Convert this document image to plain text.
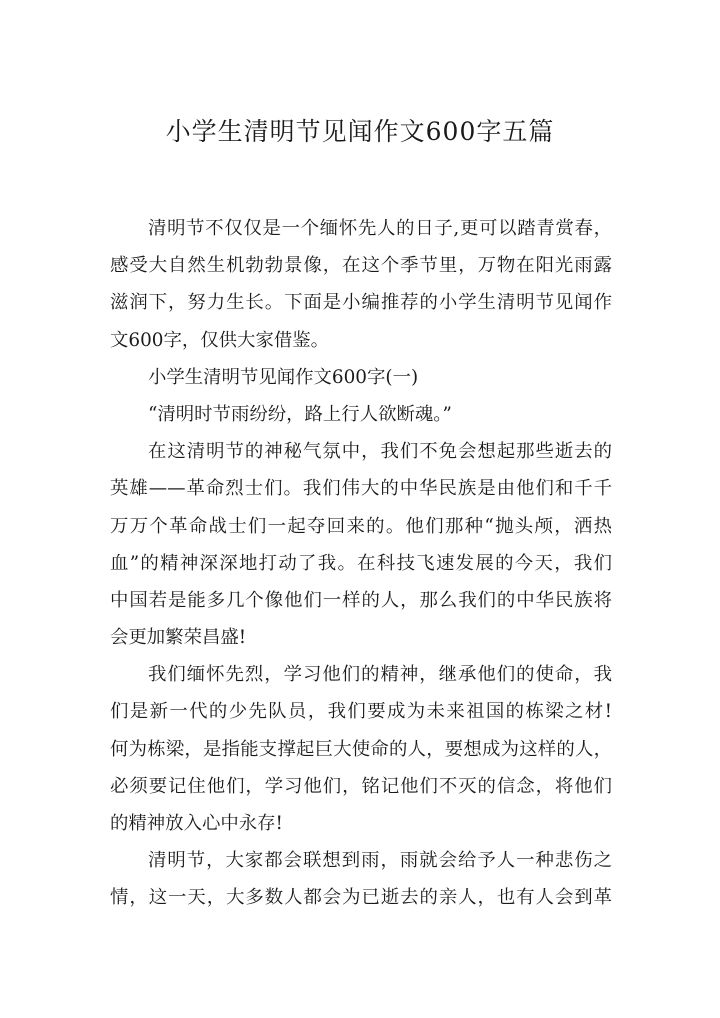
小学生清明节见闻作文600字五篇
清明节不仅仅是一个缅怀先人的日子,更可以踏青赏春，
感受大自然生机勃勃景像，在这个季节里，万物在阳光雨露
滋润下，努力生长。下面是小编推荐的小学生清明节见闻作
文600字，仅供大家借鉴。
小学生清明节见闻作文600字(一)
“清明时节雨纷纷，路上行人欲断魂。”
在这清明节的神秘气氛中，我们不免会想起那些逝去的
英雄——革命烈士们。我们伟大的中华民族是由他们和千千
万万个革命战士们一起夺回来的。他们那种“抛头颅，洒热
血”的精神深深地打动了我。在科技飞速发展的今天，我们
中国若是能多几个像他们一样的人，那么我们的中华民族将
会更加繁荣昌盛!
我们缅怀先烈，学习他们的精神，继承他们的使命，我
们是新一代的少先队员，我们要成为未来祖国的栋梁之材!
何为栋梁，是指能支撑起巨大使命的人，要想成为这样的人，
必须要记住他们，学习他们，铭记他们不灭的信念，将他们
的精神放入心中永存!
清明节，大家都会联想到雨，雨就会给予人一种悲伤之
情，这一天，大多数人都会为已逝去的亲人，也有人会到革
